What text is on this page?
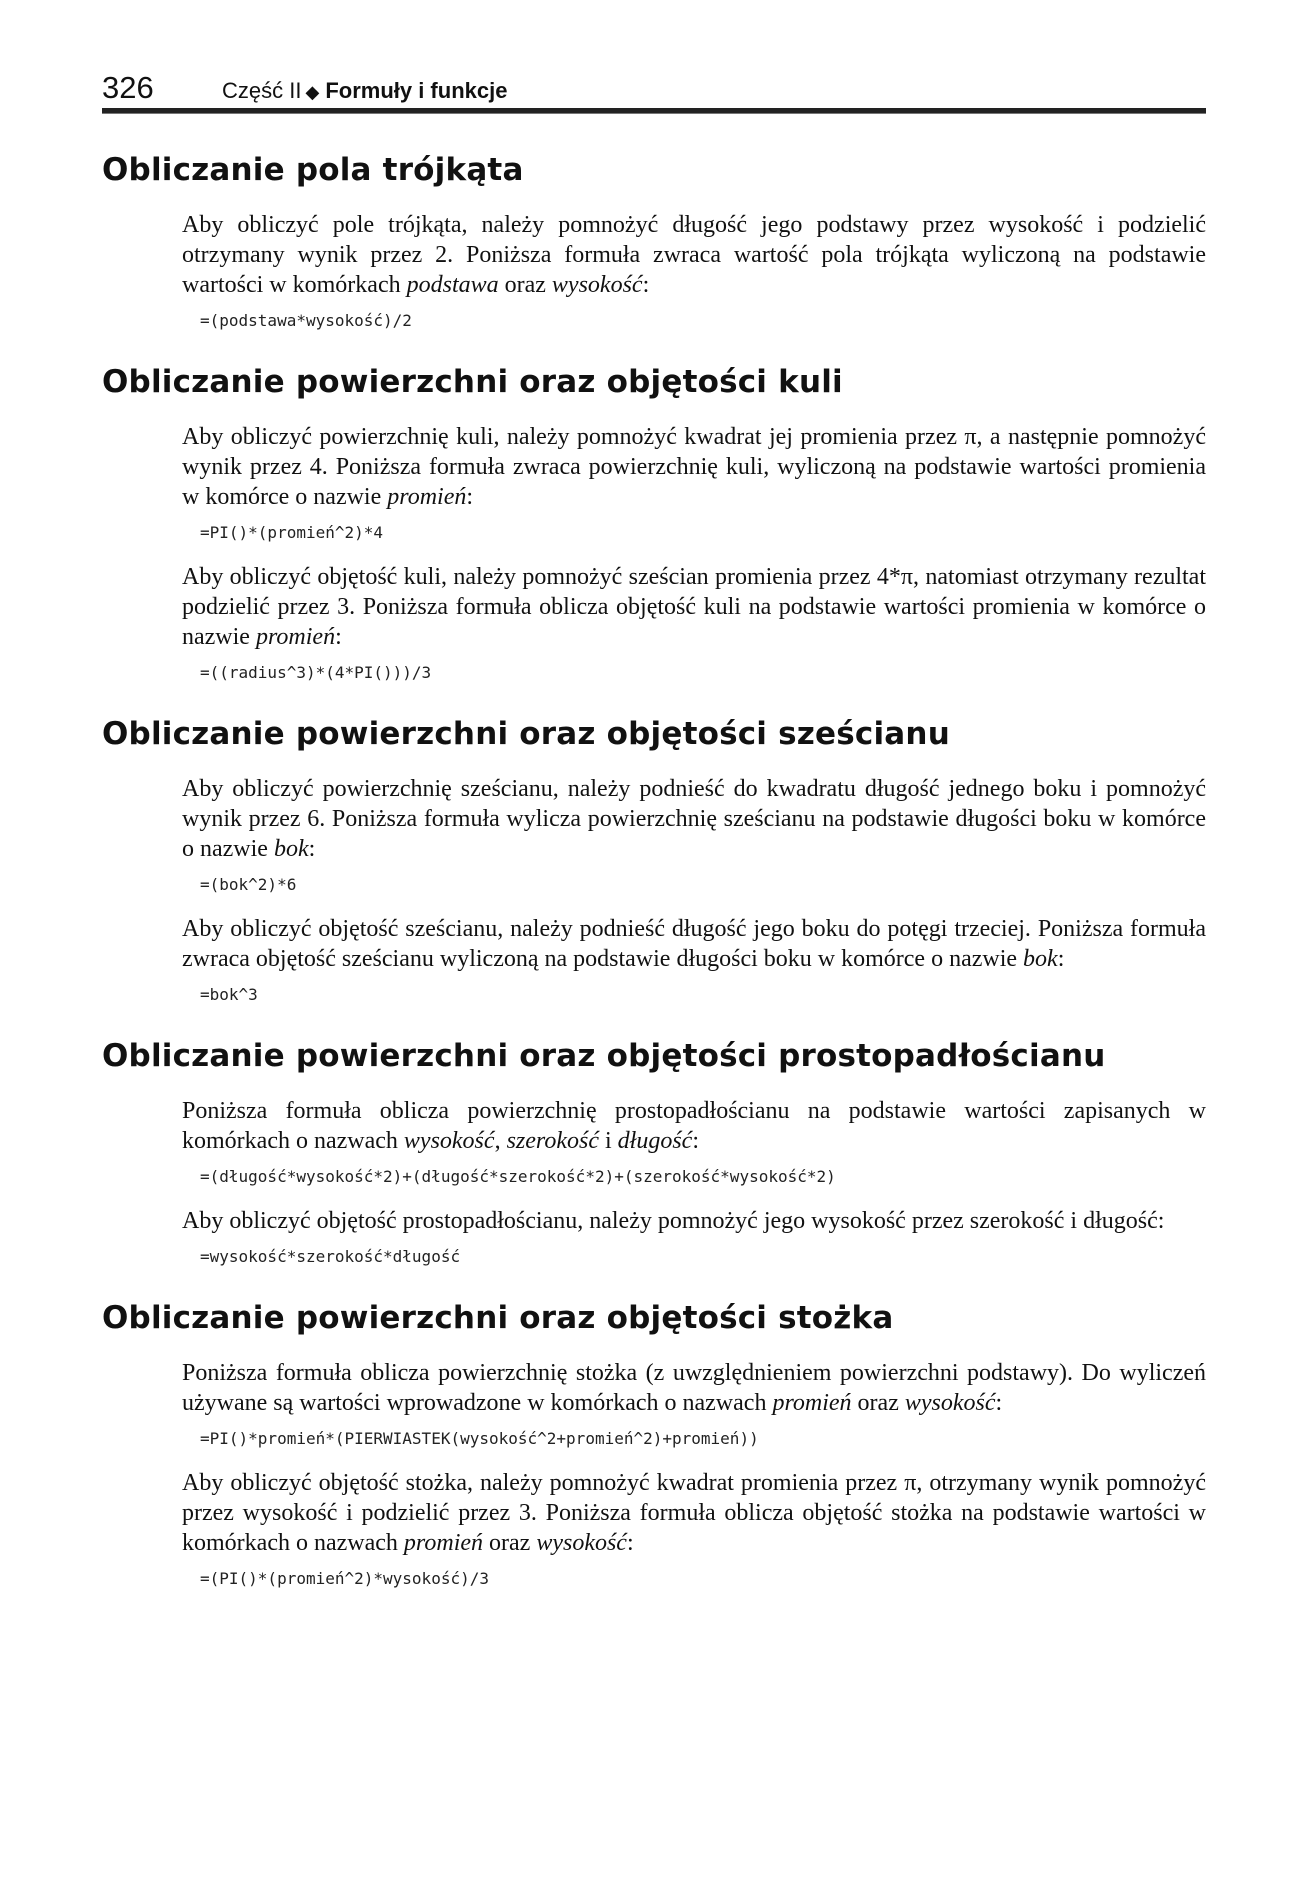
326	Część II ◆ Formuły i funkcje
Obliczanie pola trójkąta

Aby obliczyć pole trójkąta, należy pomnożyć długość jego podstawy przez wysokość i podzielić otrzymany wynik przez 2. Poniższa formuła zwraca wartość pola trójkąta wyliczoną na podstawie wartości w komórkach podstawa oraz wysokość:

=(podstawa*wysokość)/2
Obliczanie powierzchni oraz objętości kuli

Aby obliczyć powierzchnię kuli, należy pomnożyć kwadrat jej promienia przez π, a następnie pomnożyć wynik przez 4. Poniższa formuła zwraca powierzchnię kuli, wyliczoną na podstawie wartości promienia w komórce o nazwie promień:

=PI()*(promień^2)*4

Aby obliczyć objętość kuli, należy pomnożyć sześcian promienia przez 4*π, natomiast otrzymany rezultat podzielić przez 3. Poniższa formuła oblicza objętość kuli na podstawie wartości promienia w komórce o nazwie promień:

=((radius^3)*(4*PI()))/3
Obliczanie powierzchni oraz objętości sześcianu

Aby obliczyć powierzchnię sześcianu, należy podnieść do kwadratu długość jednego boku i pomnożyć wynik przez 6. Poniższa formuła wylicza powierzchnię sześcianu na podstawie długości boku w komórce o nazwie bok:

=(bok^2)*6

Aby obliczyć objętość sześcianu, należy podnieść długość jego boku do potęgi trzeciej. Poniższa formuła zwraca objętość sześcianu wyliczoną na podstawie długości boku w komórce o nazwie bok:

=bok^3
Obliczanie powierzchni oraz objętości prostopadłościanu

Poniższa formuła oblicza powierzchnię prostopadłościanu na podstawie wartości zapisanych w komórkach o nazwach wysokość, szerokość i długość:

=(długość*wysokość*2)+(długość*szerokość*2)+(szerokość*wysokość*2)

Aby obliczyć objętość prostopadłościanu, należy pomnożyć jego wysokość przez szerokość i długość:

=wysokość*szerokość*długość
Obliczanie powierzchni oraz objętości stożka

Poniższa formuła oblicza powierzchnię stożka (z uwzględnieniem powierzchni podstawy). Do wyliczeń używane są wartości wprowadzone w komórkach o nazwach promień oraz wysokość:

=PI()*promień*(PIERWIASTEK(wysokość^2+promień^2)+promień))

Aby obliczyć objętość stożka, należy pomnożyć kwadrat promienia przez π, otrzymany wynik pomnożyć przez wysokość i podzielić przez 3. Poniższa formuła oblicza objętość stożka na podstawie wartości w komórkach o nazwach promień oraz wysokość:

=(PI()*(promień^2)*wysokość)/3
